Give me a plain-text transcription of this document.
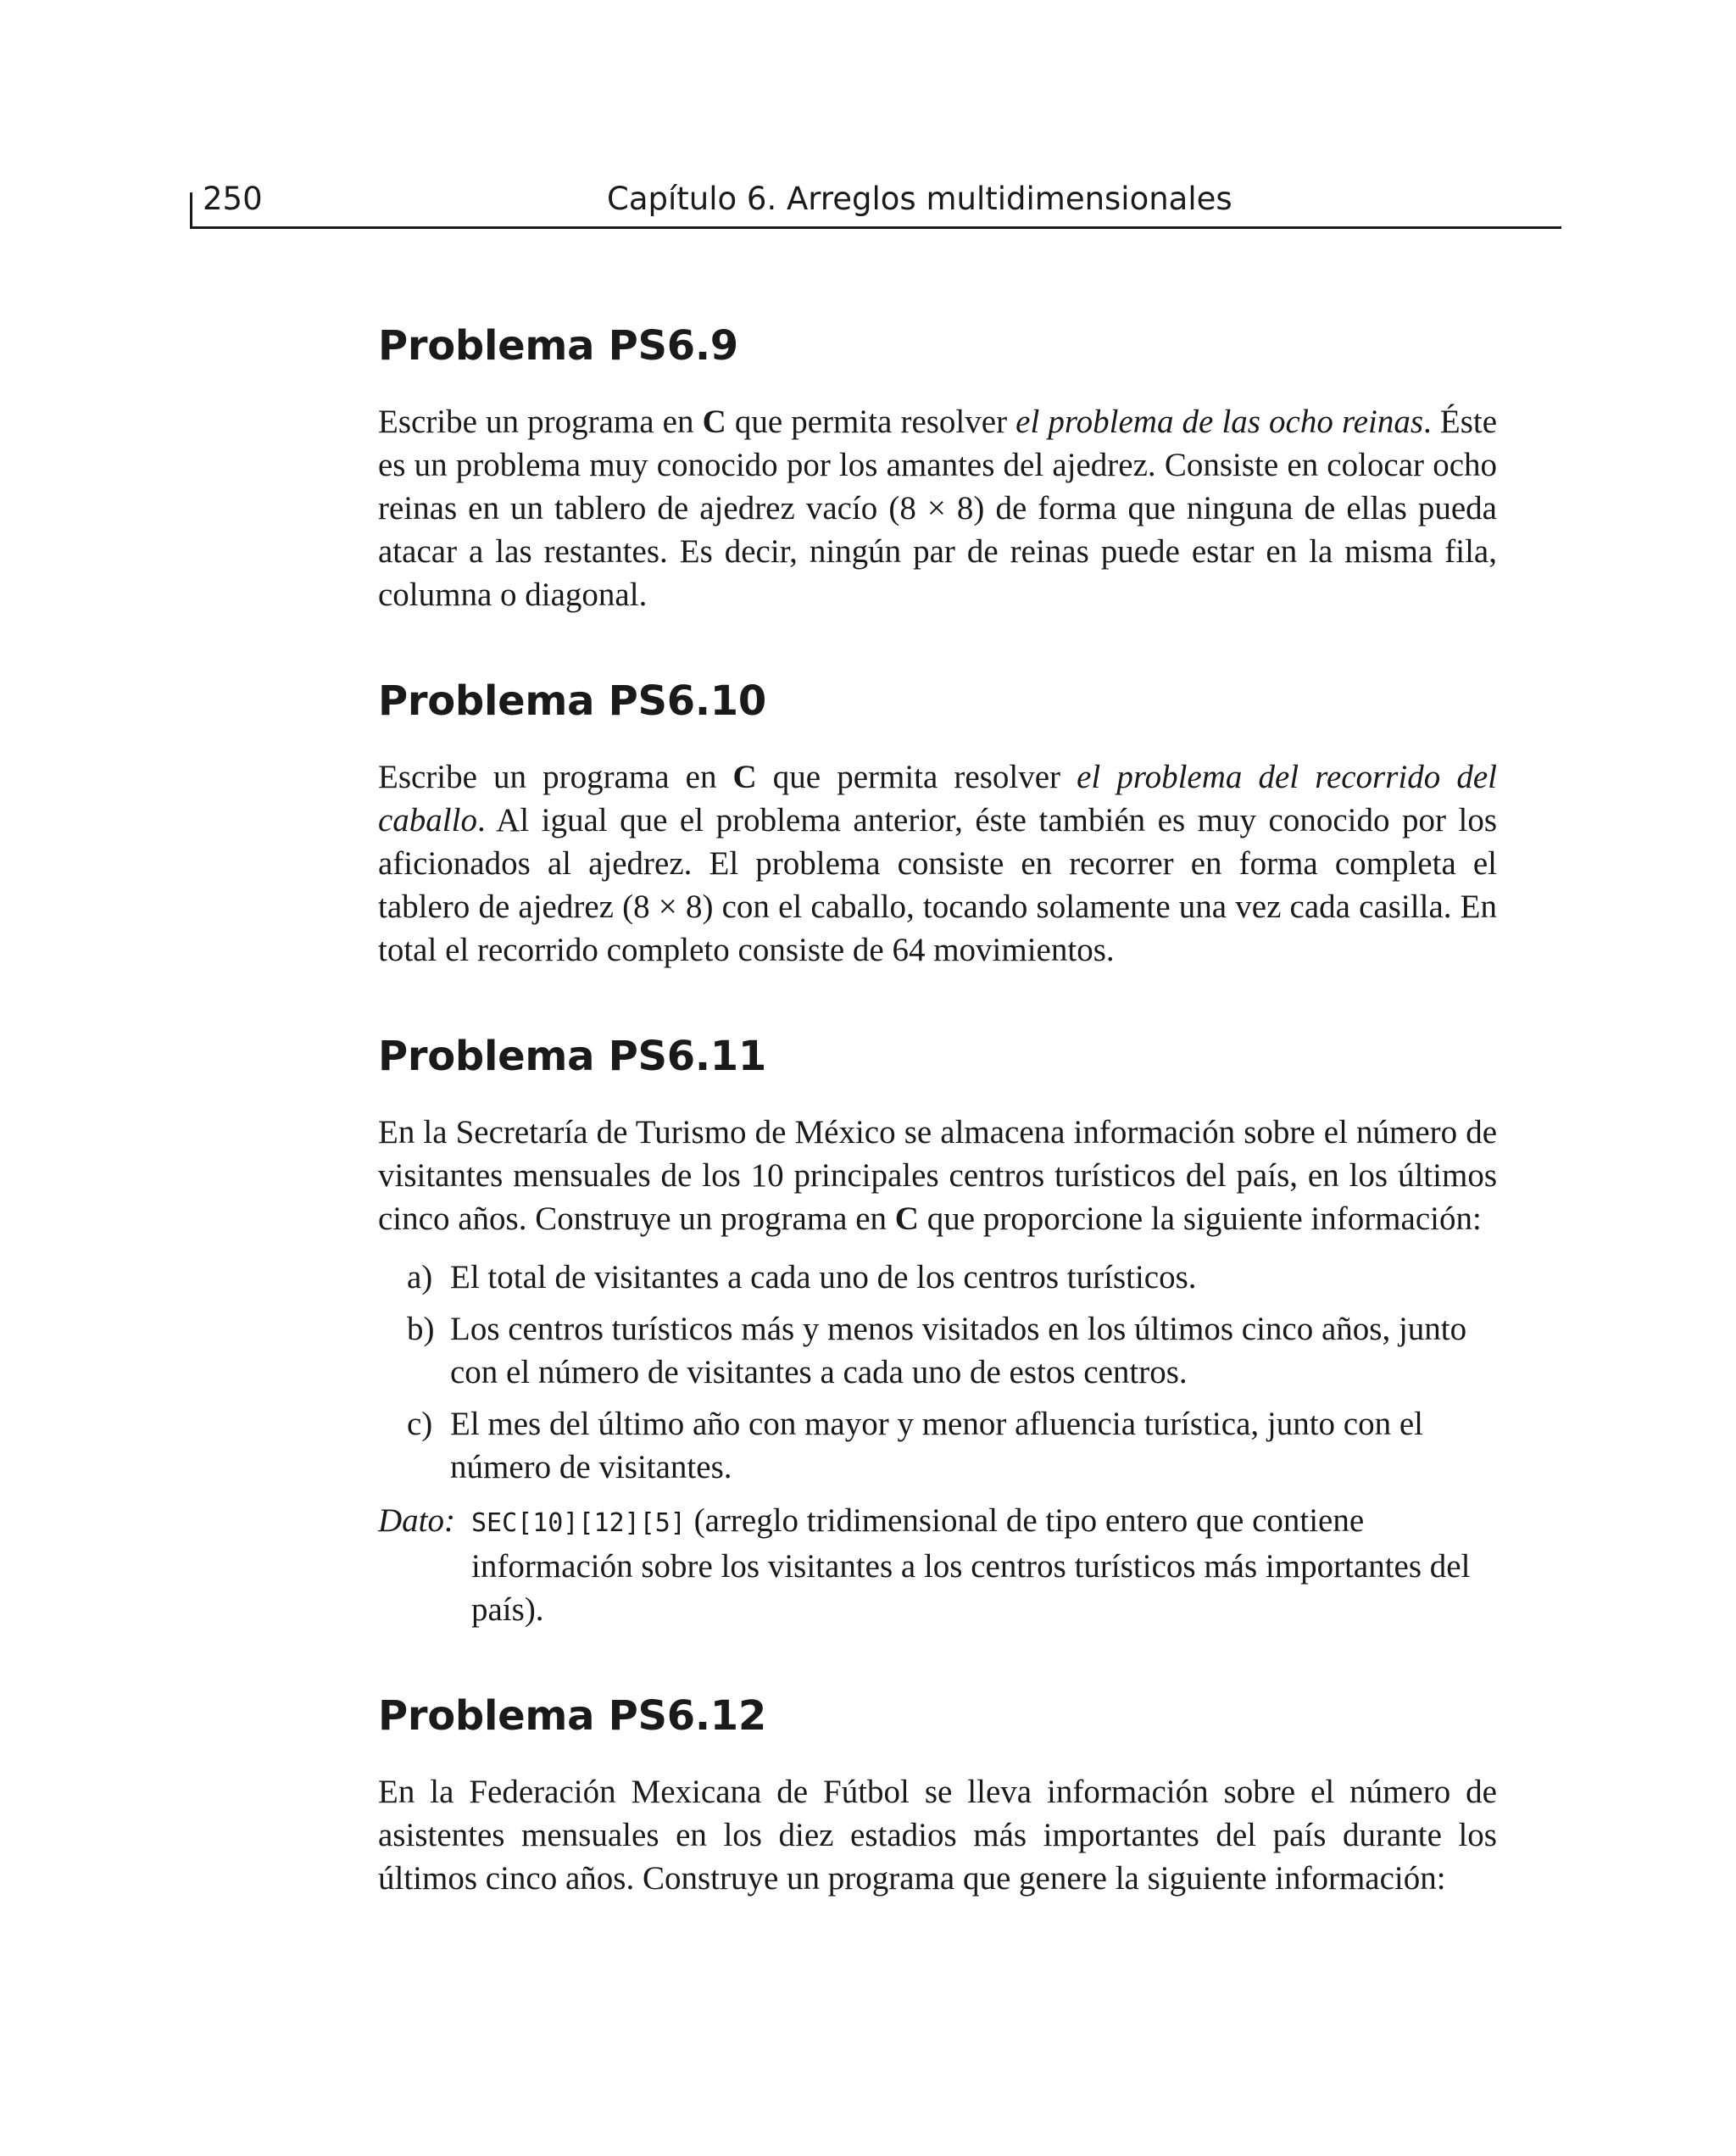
250	Capítulo 6. Arreglos multidimensionales
Problema PS6.9

Escribe un programa en C que permita resolver el problema de las ocho reinas. Éste es un problema muy conocido por los amantes del ajedrez. Consiste en colocar ocho reinas en un tablero de ajedrez vacío (8 × 8) de forma que ninguna de ellas pueda atacar a las restantes. Es decir, ningún par de reinas puede estar en la misma fila, columna o diagonal.

Problema PS6.10

Escribe un programa en C que permita resolver el problema del recorrido del caballo. Al igual que el problema anterior, éste también es muy conocido por los aficionados al ajedrez. El problema consiste en recorrer en forma completa el tablero de ajedrez (8 × 8) con el caballo, tocando solamente una vez cada casilla. En total el recorrido completo consiste de 64 movimientos.

Problema PS6.11

En la Secretaría de Turismo de México se almacena información sobre el número de visitantes mensuales de los 10 principales centros turísticos del país, en los últimos cinco años. Construye un programa en C que proporcione la siguiente información:

a) El total de visitantes a cada uno de los centros turísticos.
b) Los centros turísticos más y menos visitados en los últimos cinco años, junto con el número de visitantes a cada uno de estos centros.
c) El mes del último año con mayor y menor afluencia turística, junto con el número de visitantes.
Dato: SEC[10][12][5] (arreglo tridimensional de tipo entero que contiene información sobre los visitantes a los centros turísticos más importantes del país).
Problema PS6.12

En la Federación Mexicana de Fútbol se lleva información sobre el número de asistentes mensuales en los diez estadios más importantes del país durante los últimos cinco años. Construye un programa que genere la siguiente información:
